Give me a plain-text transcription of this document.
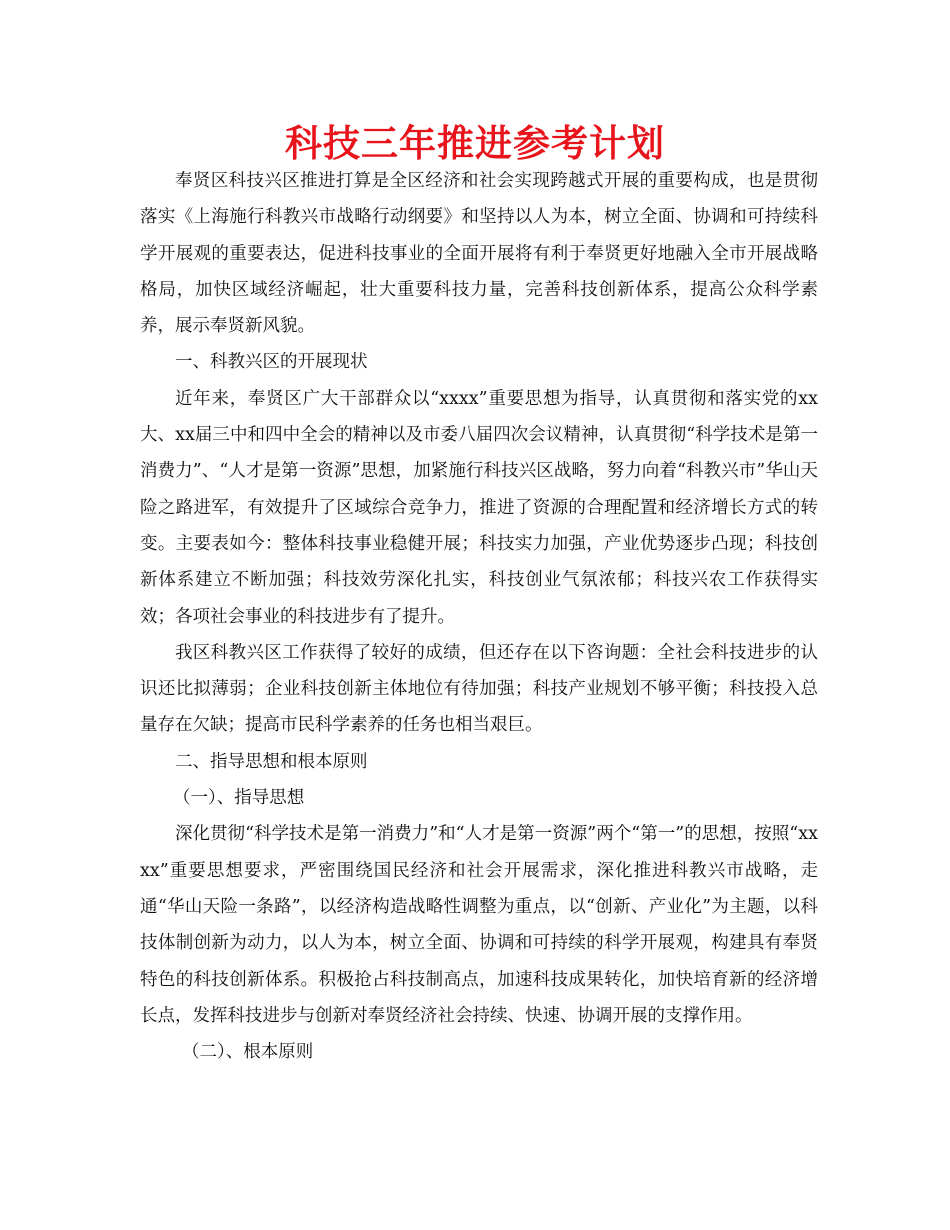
科技三年推进参考计划

奉贤区科技兴区推进打算是全区经济和社会实现跨越式开展的重要构成，也是贯彻落实《上海施行科教兴市战略行动纲要》和坚持以人为本，树立全面、协调和可持续科学开展观的重要表达，促进科技事业的全面开展将有利于奉贤更好地融入全市开展战略格局，加快区域经济崛起，壮大重要科技力量，完善科技创新体系，提高公众科学素养，展示奉贤新风貌。

一、科教兴区的开展现状

近年来，奉贤区广大干部群众以“xxxx”重要思想为指导，认真贯彻和落实党的xx大、xx届三中和四中全会的精神以及市委八届四次会议精神，认真贯彻“科学技术是第一消费力”、“人才是第一资源”思想，加紧施行科技兴区战略，努力向着“科教兴市”华山天险之路进军，有效提升了区域综合竞争力，推进了资源的合理配置和经济增长方式的转变。主要表如今：整体科技事业稳健开展；科技实力加强，产业优势逐步凸现；科技创新体系建立不断加强；科技效劳深化扎实，科技创业气氛浓郁；科技兴农工作获得实效；各项社会事业的科技进步有了提升。

我区科教兴区工作获得了较好的成绩，但还存在以下咨询题：全社会科技进步的认识还比拟薄弱；企业科技创新主体地位有待加强；科技产业规划不够平衡；科技投入总量存在欠缺；提高市民科学素养的任务也相当艰巨。

二、指导思想和根本原则

（一）、指导思想

深化贯彻“科学技术是第一消费力”和“人才是第一资源”两个“第一”的思想，按照“xxxx”重要思想要求，严密围绕国民经济和社会开展需求，深化推进科教兴市战略，走通“华山天险一条路”，以经济构造战略性调整为重点，以“创新、产业化”为主题，以科技体制创新为动力，以人为本，树立全面、协调和可持续的科学开展观，构建具有奉贤特色的科技创新体系。积极抢占科技制高点，加速科技成果转化，加快培育新的经济增长点，发挥科技进步与创新对奉贤经济社会持续、快速、协调开展的支撑作用。

（二）、根本原则
